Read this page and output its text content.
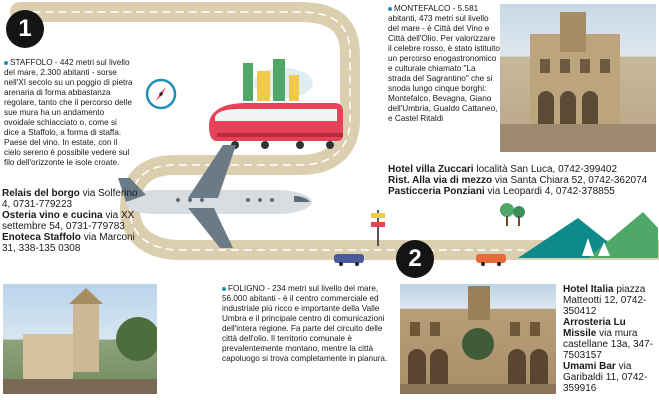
1
2
STAFFOLO - 442 metri sul livello del mare, 2.300 abitanti - sorse nell'XI secolo su un poggio di pietra arenaria di forma abbastanza regolare, tanto che il percorso delle sue mura ha un andamento ovoidale schiacciato o, come si dice a Staffolo, a forma di staffa. Paese del vino. In estate, con il cielo sereno è possibile vedere sul filo dell'orizzonte le isole croate.
Relais del borgo via Solferino 4, 0731-779223
Osteria vino e cucina via XX settembre 54, 0731-779783
Enoteca Staffolo via Marconi 31, 338-135 0308
MONTEFALCO - 5.581 abitanti, 473 metri sul livello del mare - è Città del Vino e Città dell'Olio. Per valorizzare il celebre rosso, è stato istituito un percorso enogastronomico e culturale chiamato "La strada del Sagrantino" che si snoda lungo cinque borghi: Montefalco, Bevagna, Giano dell'Umbria, Gualdo Cattaneo, e Castel Ritaldi
Hotel villa Zuccari località San Luca, 0742-399402
Rist. Alla via di mezzo via Santa Chiara 52, 0742-362074
Pasticceria Ponziani via Leopardi 4, 0742-378855
FOLIGNO - 234 metri sul livello del mare, 56.000 abitanti - è il centro commerciale ed industriale più ricco e importante della Valle Umbra e il principale centro di comunicazioni dell'intera regione. Fa parte del circuito delle città dell'olio. Il territorio comunale è prevalentemente montano, mentre la città capoluogo si trova completamente in pianura.
Hotel Italia piazza Matteotti 12, 0742-350412
Arrosteria Lu Missile via mura castellane 13a, 347-7503157
Umami Bar via Garibaldi 11, 0742-359916
